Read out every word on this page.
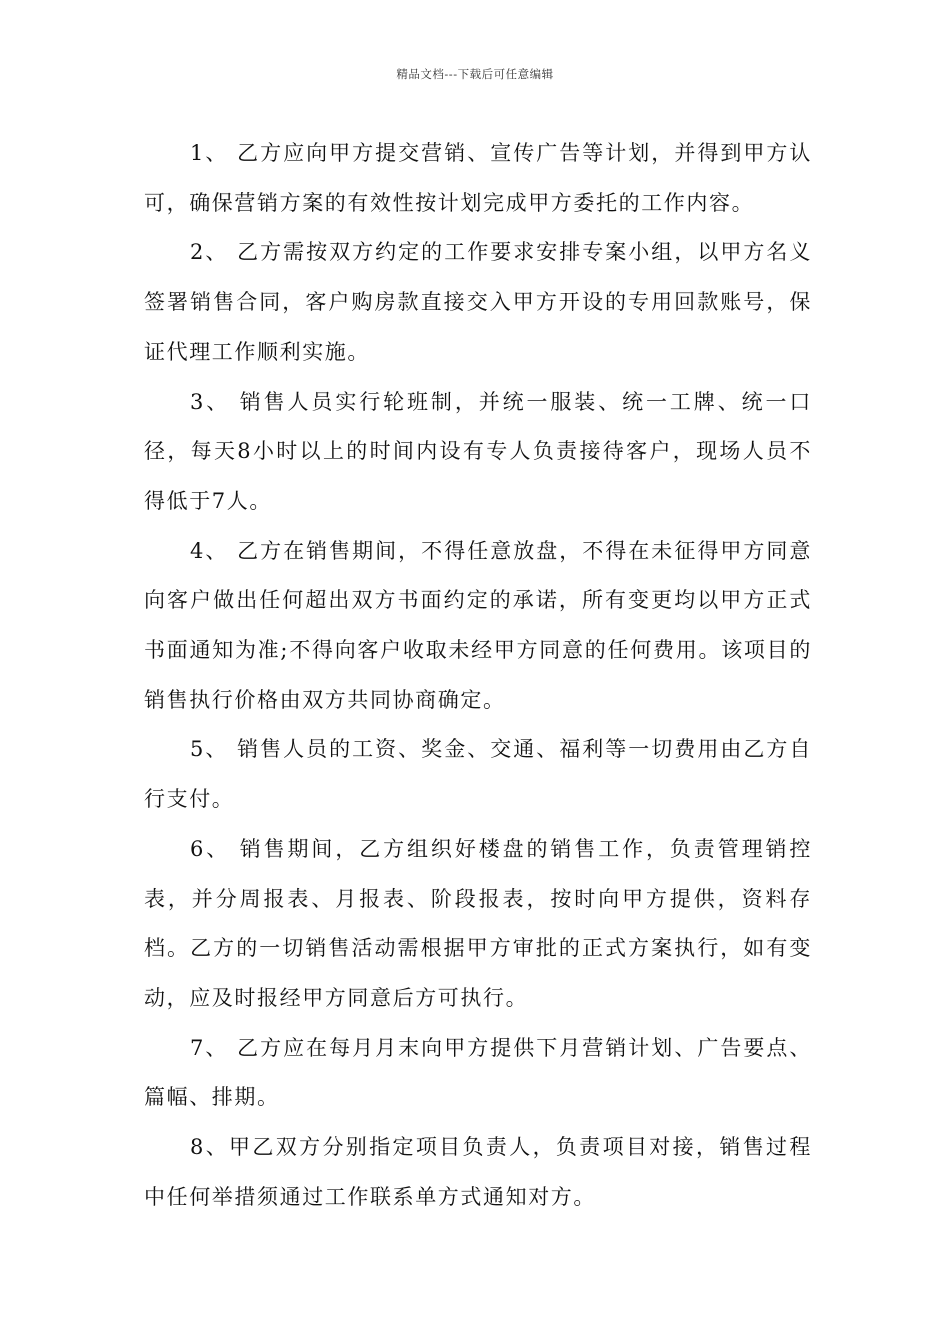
精品文档---下载后可任意编辑

1、 乙方应向甲方提交营销、宣传广告等计划，并得到甲方认可，确保营销方案的有效性按计划完成甲方委托的工作内容。

2、 乙方需按双方约定的工作要求安排专案小组，以甲方名义签署销售合同，客户购房款直接交入甲方开设的专用回款账号，保证代理工作顺利实施。

3、 销售人员实行轮班制，并统一服装、统一工牌、统一口径，每天8小时以上的时间内设有专人负责接待客户，现场人员不得低于7人。

4、 乙方在销售期间，不得任意放盘，不得在未征得甲方同意向客户做出任何超出双方书面约定的承诺，所有变更均以甲方正式书面通知为准;不得向客户收取未经甲方同意的任何费用。该项目的销售执行价格由双方共同协商确定。

5、 销售人员的工资、奖金、交通、福利等一切费用由乙方自行支付。

6、 销售期间，乙方组织好楼盘的销售工作，负责管理销控表，并分周报表、月报表、阶段报表，按时向甲方提供，资料存档。乙方的一切销售活动需根据甲方审批的正式方案执行，如有变动，应及时报经甲方同意后方可执行。

7、 乙方应在每月月末向甲方提供下月营销计划、广告要点、篇幅、排期。

8、甲乙双方分别指定项目负责人，负责项目对接，销售过程中任何举措须通过工作联系单方式通知对方。
